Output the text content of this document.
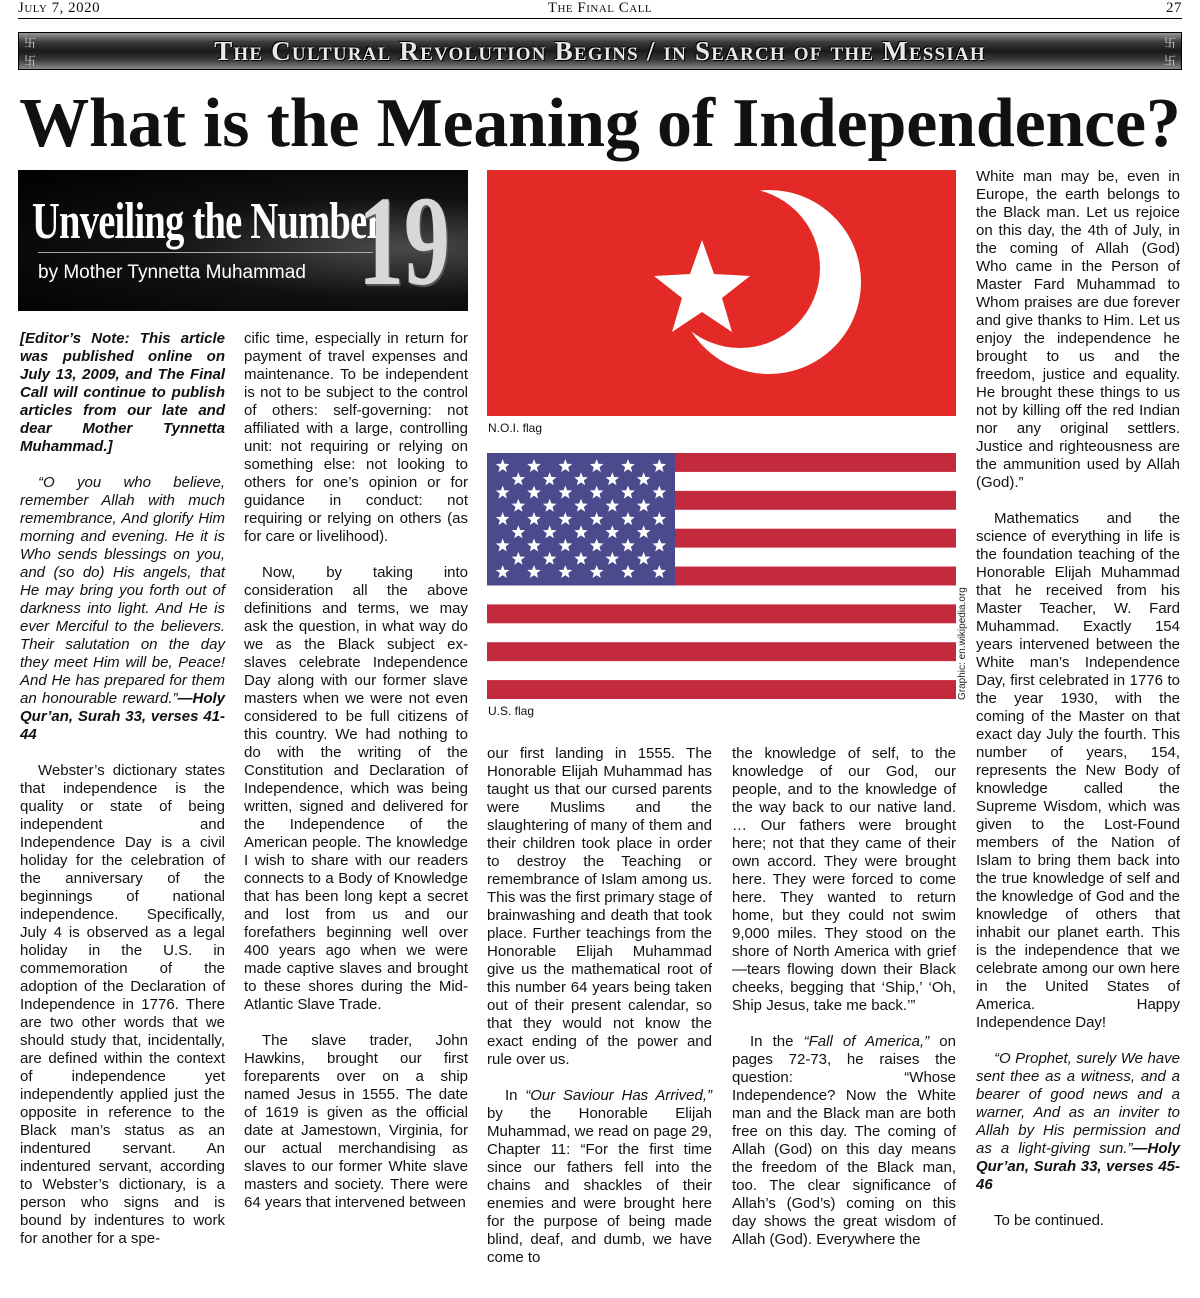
July 7, 2020	The Final Call	27
卐
卐
卐
卐
The Cultural Revolution Begins / in Search of the Messiah
What is the Meaning of Independence?
Unveiling the Number
by Mother Tynnetta Muhammad 19

[Editor’s Note: This article was published online on July 13, 2009, and The Final Call will continue to publish articles from our late and dear Mother Tynnetta Muhammad.]

“O you who believe, remember Allah with much remembrance, And glorify Him morning and evening. He it is Who sends blessings on you, and (so do) His angels, that He may bring you forth out of darkness into light. And He is ever Merciful to the believers. Their salutation on the day they meet Him will be, Peace! And He has prepared for them an honourable reward.”—Holy Qur’an, Surah 33, verses 41-44

Webster’s dictionary states that independence is the quality or state of being independent and Independence Day is a civil holiday for the celebration of the anniversary of the beginnings of national independence. Specifically, July 4 is observed as a legal holiday in the U.S. in commemoration of the adoption of the Declaration of Independence in 1776. There are two other words that we should study that, incidentally, are defined within the context of independence yet independently applied just the opposite in reference to the Black man’s status as an indentured servant. An indentured servant, according to Webster’s dictionary, is a person who signs and is bound by indentures to work for another for a spe-

cific time, especially in return for payment of travel expenses and maintenance. To be independent is not to be subject to the control of others: self-governing: not affiliated with a large, controlling unit: not requiring or relying on something else: not looking to others for one’s opinion or for guidance in conduct: not requiring or relying on others (as for care or livelihood).

Now, by taking into consideration all the above definitions and terms, we may ask the question, in what way do we as the Black subject ex-slaves celebrate Independence Day along with our former slave masters when we were not even considered to be full citizens of this country. We had nothing to do with the writing of the Constitution and Declaration of Independence, which was being written, signed and delivered for the Independence of the American people. The knowledge I wish to share with our readers connects to a Body of Knowledge that has been long kept a secret and lost from us and our forefathers beginning well over 400 years ago when we were made captive slaves and brought to these shores during the Mid-Atlantic Slave Trade.

The slave trader, John Hawkins, brought our first foreparents over on a ship named Jesus in 1555. The date of 1619 is given as the official date at Jamestown, Virginia, for our actual merchandising as slaves to our former White slave masters and society. There were 64 years that intervened between

N.O.I. flag
U.S. flag
Graphic: en.wikipedia.org

our first landing in 1555. The Honorable Elijah Muhammad has taught us that our cursed parents were Muslims and the slaughtering of many of them and their children took place in order to destroy the Teaching or remembrance of Islam among us. This was the first primary stage of brainwashing and death that took place. Further teachings from the Honorable Elijah Muhammad give us the mathematical root of this number 64 years being taken out of their present calendar, so that they would not know the exact ending of the power and rule over us.

In “Our Saviour Has Arrived,” by the Honorable Elijah Muhammad, we read on page 29, Chapter 11: “For the first time since our fathers fell into the chains and shackles of their enemies and were brought here for the purpose of being made blind, deaf, and dumb, we have come to

the knowledge of self, to the knowledge of our God, our people, and to the knowledge of the way back to our native land. … Our fathers were brought here; not that they came of their own accord. They were brought here. They were forced to come here. They wanted to return home, but they could not swim 9,000 miles. They stood on the shore of North America with grief—tears flowing down their Black cheeks, begging that ‘Ship,’ ‘Oh, Ship Jesus, take me back.’”

In the “Fall of America,” on pages 72-73, he raises the question: “Whose Independence? Now the White man and the Black man are both free on this day. The coming of Allah (God) on this day means the freedom of the Black man, too. The clear significance of Allah’s (God’s) coming on this day shows the great wisdom of Allah (God). Everywhere the

White man may be, even in Europe, the earth belongs to the Black man. Let us rejoice on this day, the 4th of July, in the coming of Allah (God) Who came in the Person of Master Fard Muhammad to Whom praises are due forever and give thanks to Him. Let us enjoy the independence he brought to us and the freedom, justice and equality. He brought these things to us not by killing off the red Indian nor any original settlers. Justice and righteousness are the ammunition used by Allah (God).”

Mathematics and the science of everything in life is the foundation teaching of the Honorable Elijah Muhammad that he received from his Master Teacher, W. Fard Muhammad. Exactly 154 years intervened between the White man’s Independence Day, first celebrated in 1776 to the year 1930, with the coming of the Master on that exact day July the fourth. This number of years, 154, represents the New Body of knowledge called the Supreme Wisdom, which was given to the Lost-Found members of the Nation of Islam to bring them back into the true knowledge of self and the knowledge of God and the knowledge of others that inhabit our planet earth. This is the independence that we celebrate among our own here in the United States of America. Happy Independence Day!

“O Prophet, surely We have sent thee as a witness, and a bearer of good news and a warner, And as an inviter to Allah by His permission and as a light-giving sun.”—Holy Qur’an, Surah 33, verses 45-46

To be continued.
